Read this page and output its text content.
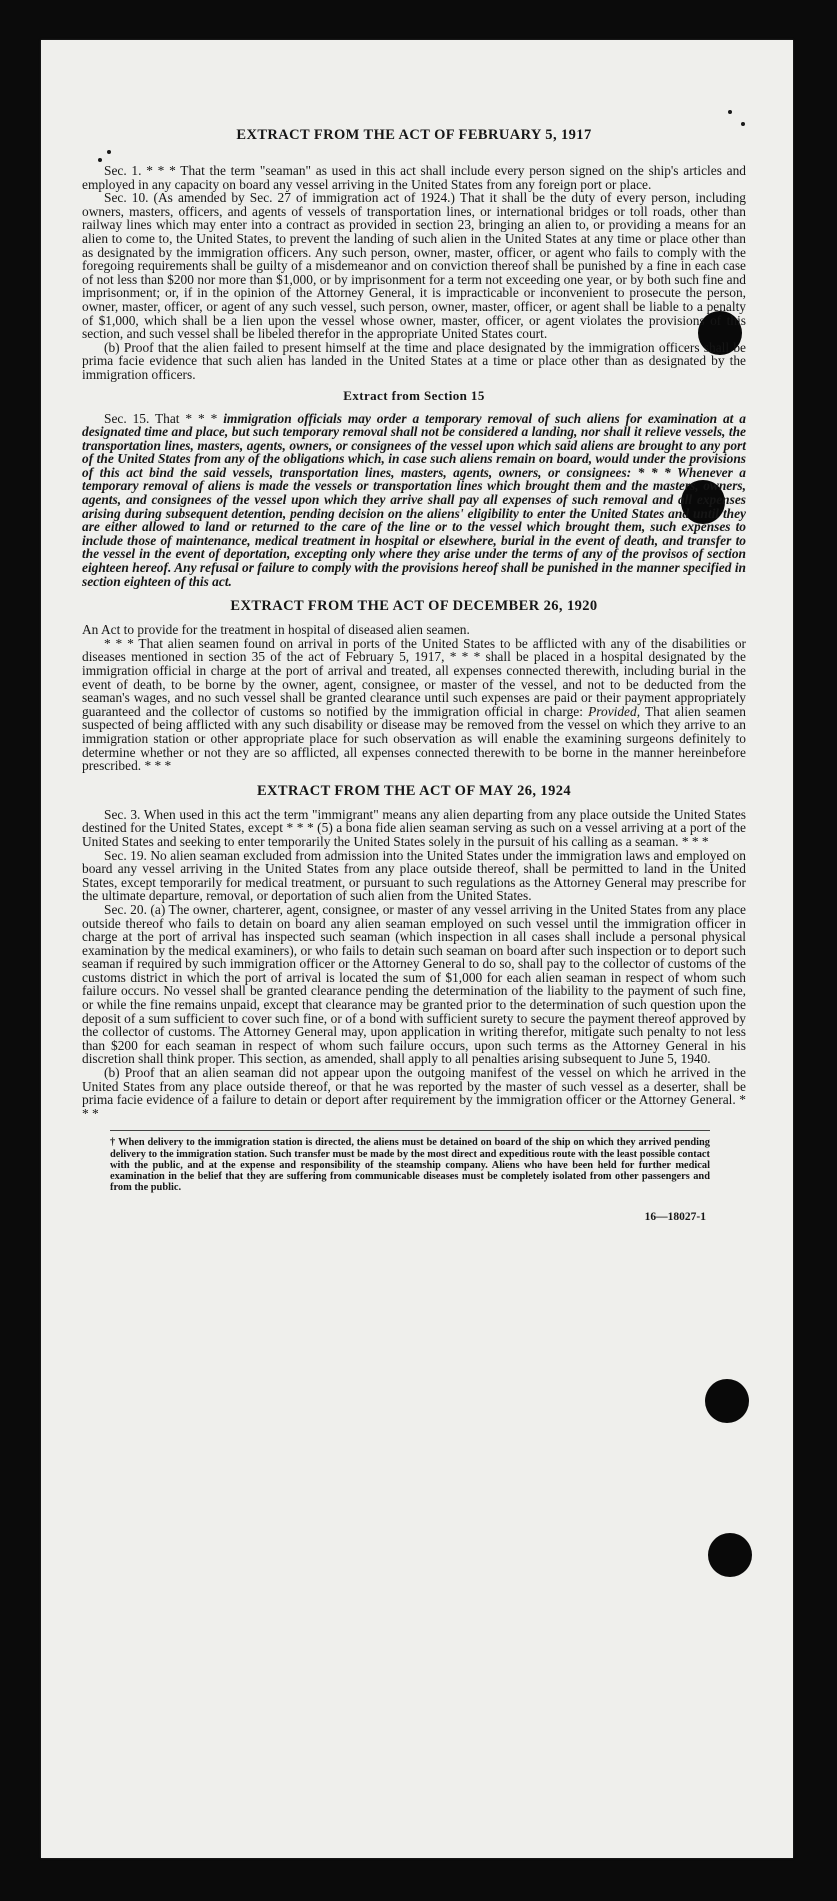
EXTRACT FROM THE ACT OF FEBRUARY 5, 1917

Sec. 1. * * * That the term "seaman" as used in this act shall include every person signed on the ship's articles and employed in any capacity on board any vessel arriving in the United States from any foreign port or place.

Sec. 10. (As amended by Sec. 27 of immigration act of 1924.) That it shall be the duty of every person, including owners, masters, officers, and agents of vessels of transportation lines, or international bridges or toll roads, other than railway lines which may enter into a contract as provided in section 23, bringing an alien to, or providing a means for an alien to come to, the United States, to prevent the landing of such alien in the United States at any time or place other than as designated by the immigration officers. Any such person, owner, master, officer, or agent who fails to comply with the foregoing requirements shall be guilty of a misdemeanor and on conviction thereof shall be punished by a fine in each case of not less than $200 nor more than $1,000, or by imprisonment for a term not exceeding one year, or by both such fine and imprisonment; or, if in the opinion of the Attorney General, it is impracticable or inconvenient to prosecute the person, owner, master, officer, or agent of any such vessel, such person, owner, master, officer, or agent shall be liable to a penalty of $1,000, which shall be a lien upon the vessel whose owner, master, officer, or agent violates the provisions of this section, and such vessel shall be libeled therefor in the appropriate United States court.

(b) Proof that the alien failed to present himself at the time and place designated by the immigration officers shall be prima facie evidence that such alien has landed in the United States at a time or place other than as designated by the immigration officers.

Extract from Section 15

Sec. 15. That * * * immigration officials may order a temporary removal of such aliens for examination at a designated time and place, but such temporary removal shall not be considered a landing, nor shall it relieve vessels, the transportation lines, masters, agents, owners, or consignees of the vessel upon which said aliens are brought to any port of the United States from any of the obligations which, in case such aliens remain on board, would under the provisions of this act bind the said vessels, transportation lines, masters, agents, owners, or consignees: * * * Whenever a temporary removal of aliens is made the vessels or transportation lines which brought them and the masters, owners, agents, and consignees of the vessel upon which they arrive shall pay all expenses of such removal and all expenses arising during subsequent detention, pending decision on the aliens' eligibility to enter the United States and until they are either allowed to land or returned to the care of the line or to the vessel which brought them, such expenses to include those of maintenance, medical treatment in hospital or elsewhere, burial in the event of death, and transfer to the vessel in the event of deportation, excepting only where they arise under the terms of any of the provisos of section eighteen hereof. Any refusal or failure to comply with the provisions hereof shall be punished in the manner specified in section eighteen of this act.

EXTRACT FROM THE ACT OF DECEMBER 26, 1920

An Act to provide for the treatment in hospital of diseased alien seamen.

* * * That alien seamen found on arrival in ports of the United States to be afflicted with any of the disabilities or diseases mentioned in section 35 of the act of February 5, 1917, * * * shall be placed in a hospital designated by the immigration official in charge at the port of arrival and treated, all expenses connected therewith, including burial in the event of death, to be borne by the owner, agent, consignee, or master of the vessel, and not to be deducted from the seaman's wages, and no such vessel shall be granted clearance until such expenses are paid or their payment appropriately guaranteed and the collector of customs so notified by the immigration official in charge: Provided, That alien seamen suspected of being afflicted with any such disability or disease may be removed from the vessel on which they arrive to an immigration station or other appropriate place for such observation as will enable the examining surgeons definitely to determine whether or not they are so afflicted, all expenses connected therewith to be borne in the manner hereinbefore prescribed. * * *

EXTRACT FROM THE ACT OF MAY 26, 1924

Sec. 3. When used in this act the term "immigrant" means any alien departing from any place outside the United States destined for the United States, except * * * (5) a bona fide alien seaman serving as such on a vessel arriving at a port of the United States and seeking to enter temporarily the United States solely in the pursuit of his calling as a seaman. * * *

Sec. 19. No alien seaman excluded from admission into the United States under the immigration laws and employed on board any vessel arriving in the United States from any place outside thereof, shall be permitted to land in the United States, except temporarily for medical treatment, or pursuant to such regulations as the Attorney General may prescribe for the ultimate departure, removal, or deportation of such alien from the United States.

Sec. 20. (a) The owner, charterer, agent, consignee, or master of any vessel arriving in the United States from any place outside thereof who fails to detain on board any alien seaman employed on such vessel until the immigration officer in charge at the port of arrival has inspected such seaman (which inspection in all cases shall include a personal physical examination by the medical examiners), or who fails to detain such seaman on board after such inspection or to deport such seaman if required by such immigration officer or the Attorney General to do so, shall pay to the collector of customs of the customs district in which the port of arrival is located the sum of $1,000 for each alien seaman in respect of whom such failure occurs. No vessel shall be granted clearance pending the determination of the liability to the payment of such fine, or while the fine remains unpaid, except that clearance may be granted prior to the determination of such question upon the deposit of a sum sufficient to cover such fine, or of a bond with sufficient surety to secure the payment thereof approved by the collector of customs. The Attorney General may, upon application in writing therefor, mitigate such penalty to not less than $200 for each seaman in respect of whom such failure occurs, upon such terms as the Attorney General in his discretion shall think proper. This section, as amended, shall apply to all penalties arising subsequent to June 5, 1940.

(b) Proof that an alien seaman did not appear upon the outgoing manifest of the vessel on which he arrived in the United States from any place outside thereof, or that he was reported by the master of such vessel as a deserter, shall be prima facie evidence of a failure to detain or deport after requirement by the immigration officer or the Attorney General. * * *

† When delivery to the immigration station is directed, the aliens must be detained on board of the ship on which they arrived pending delivery to the immigration station. Such transfer must be made by the most direct and expeditious route with the least possible contact with the public, and at the expense and responsibility of the steamship company. Aliens who have been held for further medical examination in the belief that they are suffering from communicable diseases must be completely isolated from other passengers and from the public.

16—18027-1
